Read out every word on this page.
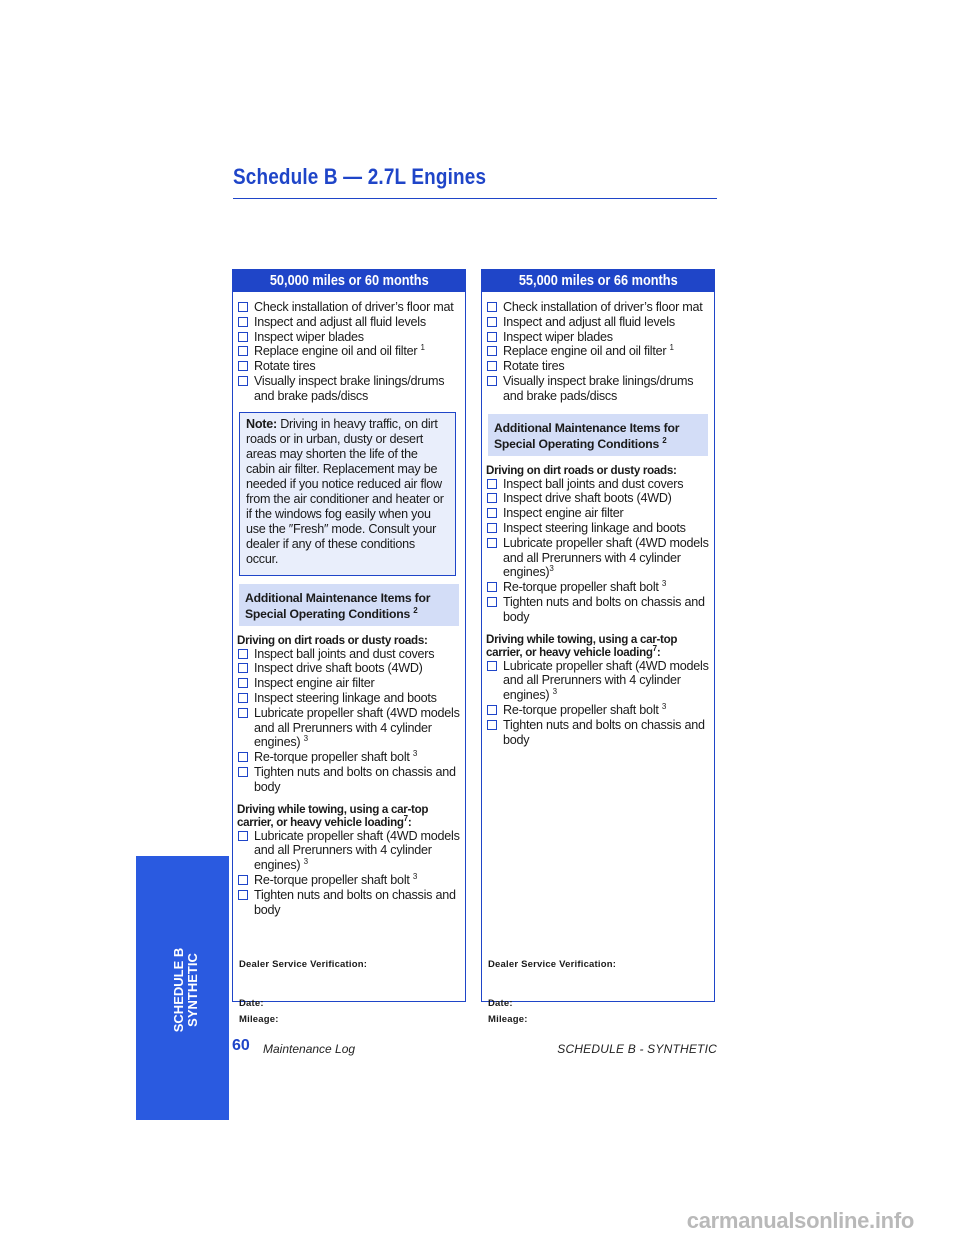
Schedule B — 2.7L Engines
SCHEDULE B SYNTHETIC
50,000 miles or 60 months
Check installation of driver’s floor mat
Inspect and adjust all fluid levels
Inspect wiper blades
Replace engine oil and oil filter $^1$
Rotate tires
Visually inspect brake linings/drums and brake pads/discs
Note: Driving in heavy traffic, on dirt roads or in urban, dusty or desert areas may shorten the life of the cabin air filter. Replacement may be needed if you notice reduced air flow from the air conditioner and heater or if the windows fog easily when you use the ″Fresh″ mode. Consult your dealer if any of these conditions occur.
Additional Maintenance Items for Special Operating Conditions $^2$
Driving on dirt roads or dusty roads:
Inspect ball joints and dust covers
Inspect drive shaft boots (4WD)
Inspect engine air filter
Inspect steering linkage and boots
Lubricate propeller shaft (4WD models and all Prerunners with 4 cylinder engines) $^3$
Re-torque propeller shaft bolt $^3$
Tighten nuts and bolts on chassis and body
Driving while towing, using a car-top carrier, or heavy vehicle loading$^7$:
Lubricate propeller shaft (4WD models and all Prerunners with 4 cylinder engines) $^3$
Re-torque propeller shaft bolt $^3$
Tighten nuts and bolts on chassis and body
Dealer Service Verification:
Date:
Mileage:
55,000 miles or 66 months
Check installation of driver’s floor mat
Inspect and adjust all fluid levels
Inspect wiper blades
Replace engine oil and oil filter $^1$
Rotate tires
Visually inspect brake linings/drums and brake pads/discs
Additional Maintenance Items for Special Operating Conditions $^2$
Driving on dirt roads or dusty roads:
Inspect ball joints and dust covers
Inspect drive shaft boots (4WD)
Inspect engine air filter
Inspect steering linkage and boots
Lubricate propeller shaft (4WD models and all Prerunners with 4 cylinder engines)$^3$
Re-torque propeller shaft bolt $^3$
Tighten nuts and bolts on chassis and body
Driving while towing, using a car-top carrier, or heavy vehicle loading$^7$:
Lubricate propeller shaft (4WD models and all Prerunners with 4 cylinder engines) $^3$
Re-torque propeller shaft bolt $^3$
Tighten nuts and bolts on chassis and body
Dealer Service Verification:
Date:
Mileage:
60 Maintenance Log	SCHEDULE B - SYNTHETIC
carmanualsonline.info
